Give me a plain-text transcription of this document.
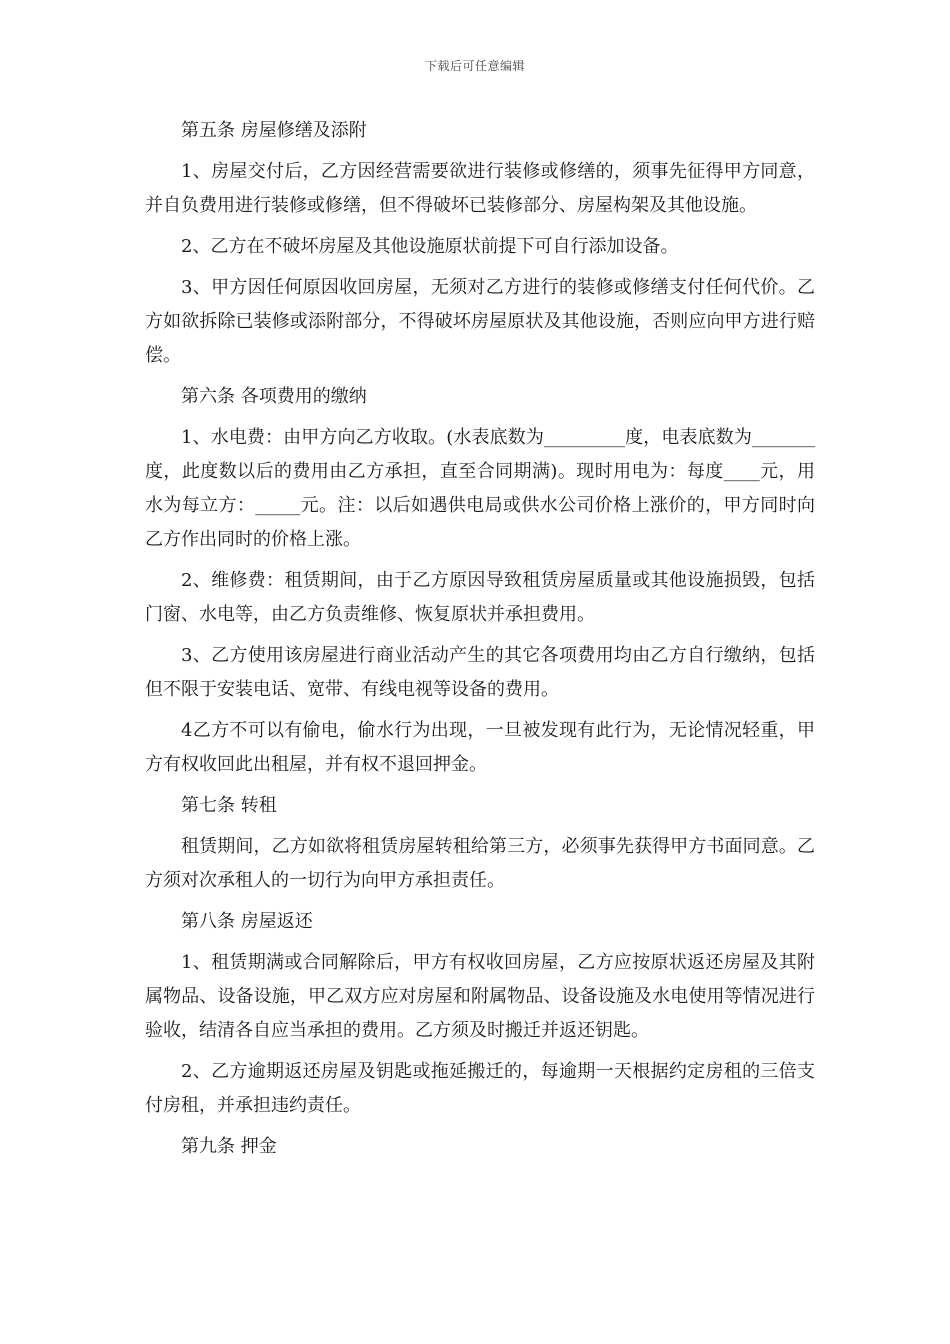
下载后可任意编辑

第五条 房屋修缮及添附

1、房屋交付后，乙方因经营需要欲进行装修或修缮的，须事先征得甲方同意，并自负费用进行装修或修缮，但不得破坏已装修部分、房屋构架及其他设施。

2、乙方在不破坏房屋及其他设施原状前提下可自行添加设备。

3、甲方因任何原因收回房屋，无须对乙方进行的装修或修缮支付任何代价。乙方如欲拆除已装修或添附部分，不得破坏房屋原状及其他设施，否则应向甲方进行赔偿。

第六条 各项费用的缴纳

1、水电费：由甲方向乙方收取。(水表底数为_________度，电表底数为_______度，此度数以后的费用由乙方承担，直至合同期满)。现时用电为：每度____元，用水为每立方：_____元。注：以后如遇供电局或供水公司价格上涨价的，甲方同时向乙方作出同时的价格上涨。

2、维修费：租赁期间，由于乙方原因导致租赁房屋质量或其他设施损毁，包括门窗、水电等，由乙方负责维修、恢复原状并承担费用。

3、乙方使用该房屋进行商业活动产生的其它各项费用均由乙方自行缴纳，包括但不限于安装电话、宽带、有线电视等设备的费用。

4乙方不可以有偷电，偷水行为出现，一旦被发现有此行为，无论情况轻重，甲方有权收回此出租屋，并有权不退回押金。

第七条 转租

租赁期间，乙方如欲将租赁房屋转租给第三方，必须事先获得甲方书面同意。乙方须对次承租人的一切行为向甲方承担责任。

第八条 房屋返还

1、租赁期满或合同解除后，甲方有权收回房屋，乙方应按原状返还房屋及其附属物品、设备设施，甲乙双方应对房屋和附属物品、设备设施及水电使用等情况进行验收，结清各自应当承担的费用。乙方须及时搬迁并返还钥匙。

2、乙方逾期返还房屋及钥匙或拖延搬迁的，每逾期一天根据约定房租的三倍支付房租，并承担违约责任。

第九条 押金
